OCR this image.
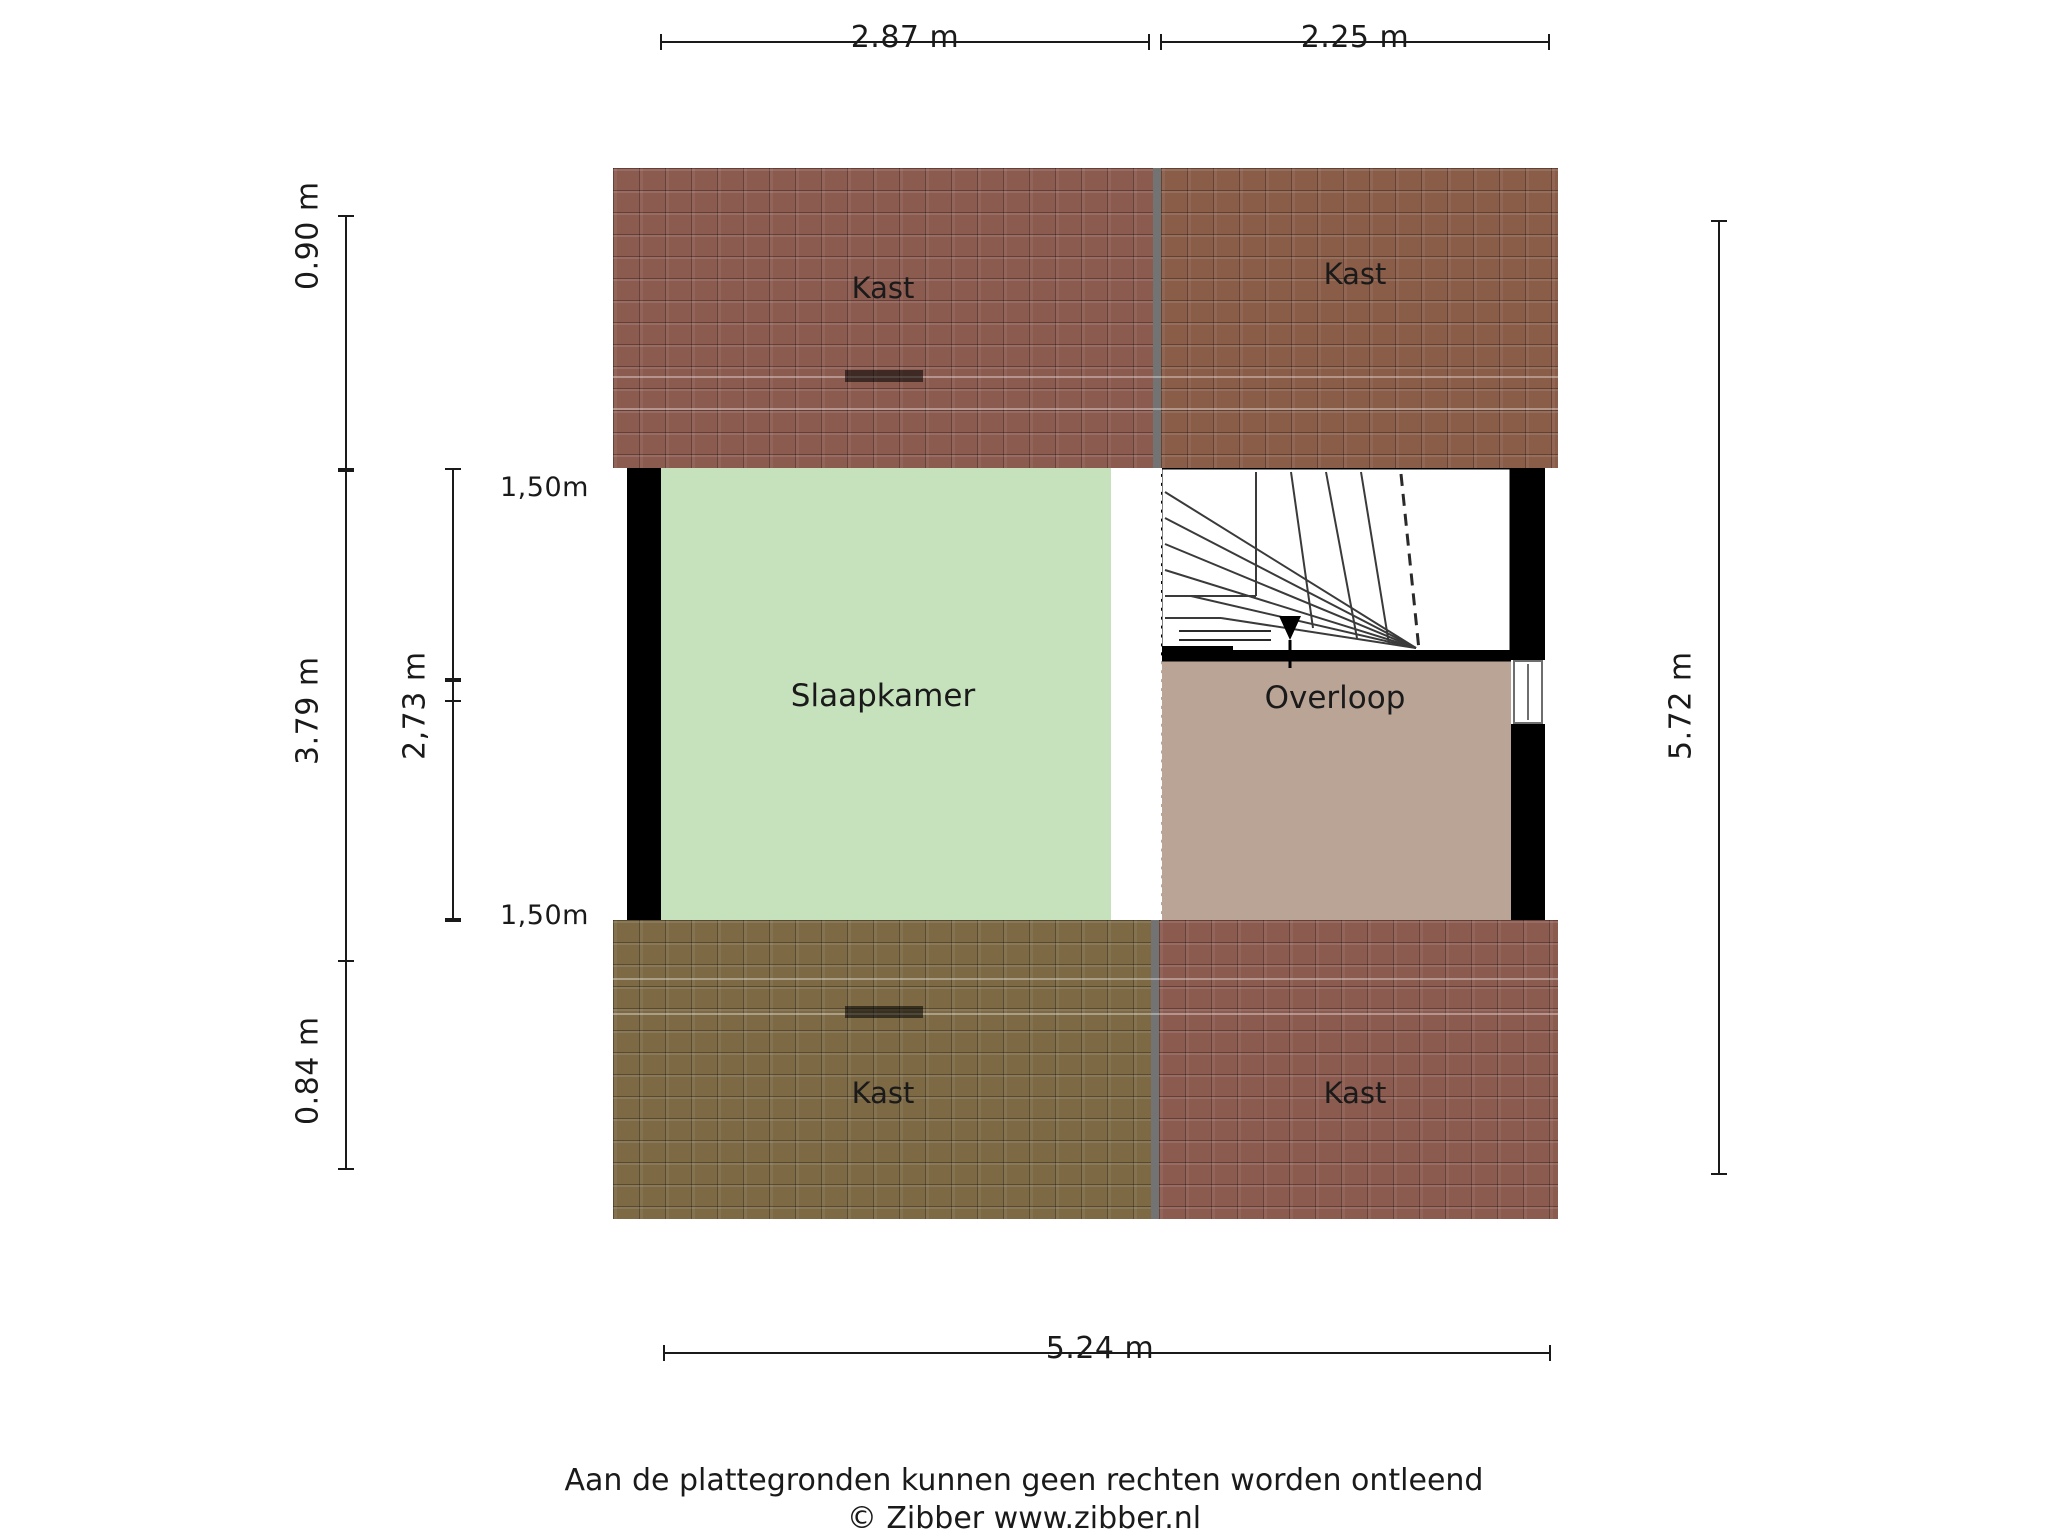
2.87 m	2.25 m
0.90 m
3.79 m
0.84 m
1,50m
2,73 m
1,50m
5.72 m
5.24 m
Kast	Kast
Kast	Kast
Slaapkamer	Overloop
Aan de plattegronden kunnen geen rechten worden ontleend
© Zibber www.zibber.nl
